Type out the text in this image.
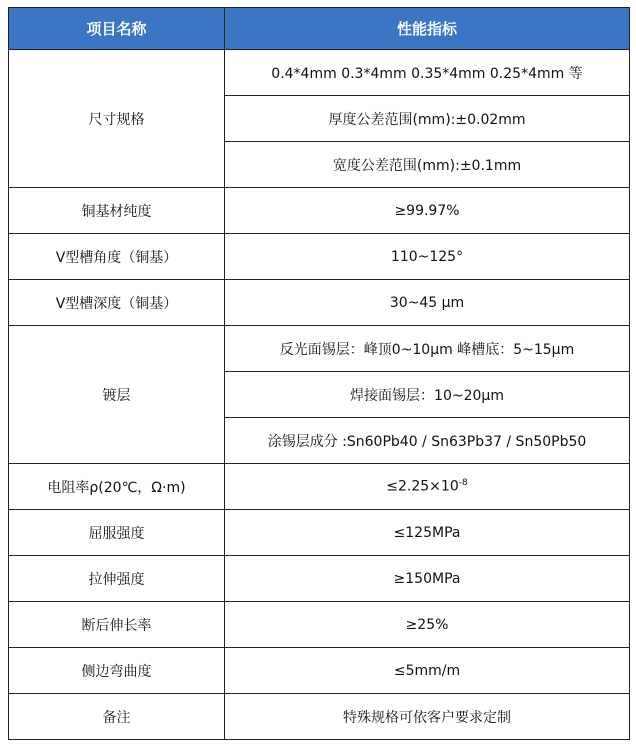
项目名称	性能指标
尺寸规格	0.4*4mm 0.3*4mm 0.35*4mm 0.25*4mm 等
	厚度公差范围(mm):±0.02mm
	宽度公差范围(mm):±0.1mm
铜基材纯度	≥99.97%
V型槽角度（铜基）	110~125°
V型槽深度（铜基）	30~45 μm
镀层	反光面锡层：峰顶0~10μm 峰槽底：5~15μm
	焊接面锡层：10~20μm
	涂锡层成分 :Sn60Pb40 / Sn63Pb37 / Sn50Pb50
电阻率ρ(20℃，Ω·m)	$\le 2.25\times 10^{-8}$
屈服强度	≤125MPa
拉伸强度	≥150MPa
断后伸长率	≥25%
侧边弯曲度	≤5mm/m
备注	特殊规格可依客户要求定制
